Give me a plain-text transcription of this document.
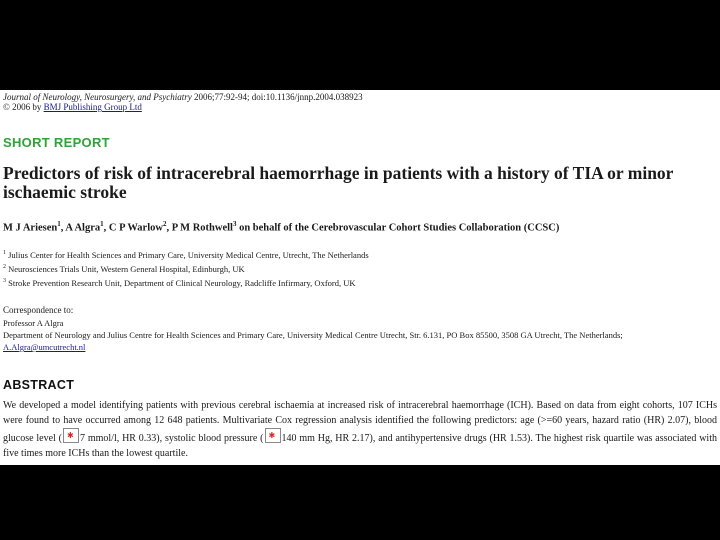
Journal of Neurology, Neurosurgery, and Psychiatry 2006;77:92-94; doi:10.1136/jnnp.2004.038923
© 2006 by BMJ Publishing Group Ltd
SHORT REPORT
Predictors of risk of intracerebral haemorrhage in patients with a history of TIA or minor ischaemic stroke
M J Ariesen$^1$, A Algra$^1$, C P Warlow$^2$, P M Rothwell$^3$ on behalf of the Cerebrovascular Cohort Studies Collaboration (CCSC)
$^1$ Julius Center for Health Sciences and Primary Care, University Medical Centre, Utrecht, The Netherlands
$^2$ Neurosciences Trials Unit, Western General Hospital, Edinburgh, UK
$^3$ Stroke Prevention Research Unit, Department of Clinical Neurology, Radcliffe Infirmary, Oxford, UK
Correspondence to:
Professor A Algra
Department of Neurology and Julius Centre for Health Sciences and Primary Care, University Medical Centre Utrecht, Str. 6.131, PO Box 85500, 3508 GA Utrecht, The Netherlands;
A.Algra@umcutrecht.nl
ABSTRACT
We developed a model identifying patients with previous cerebral ischaemia at increased risk of intracerebral haemorrhage (ICH). Based on data from eight cohorts, 107 ICHs were found to have occurred among 12 648 patients. Multivariate Cox regression analysis identified the following predictors: age (>=60 years, hazard ratio (HR) 2.07), blood glucose level ( ✱ 7 mmol/l, HR 0.33), systolic blood pressure ( ✱ 140 mm Hg, HR 2.17), and antihypertensive drugs (HR 1.53). The highest risk quartile was associated with five times more ICHs than the lowest quartile.
